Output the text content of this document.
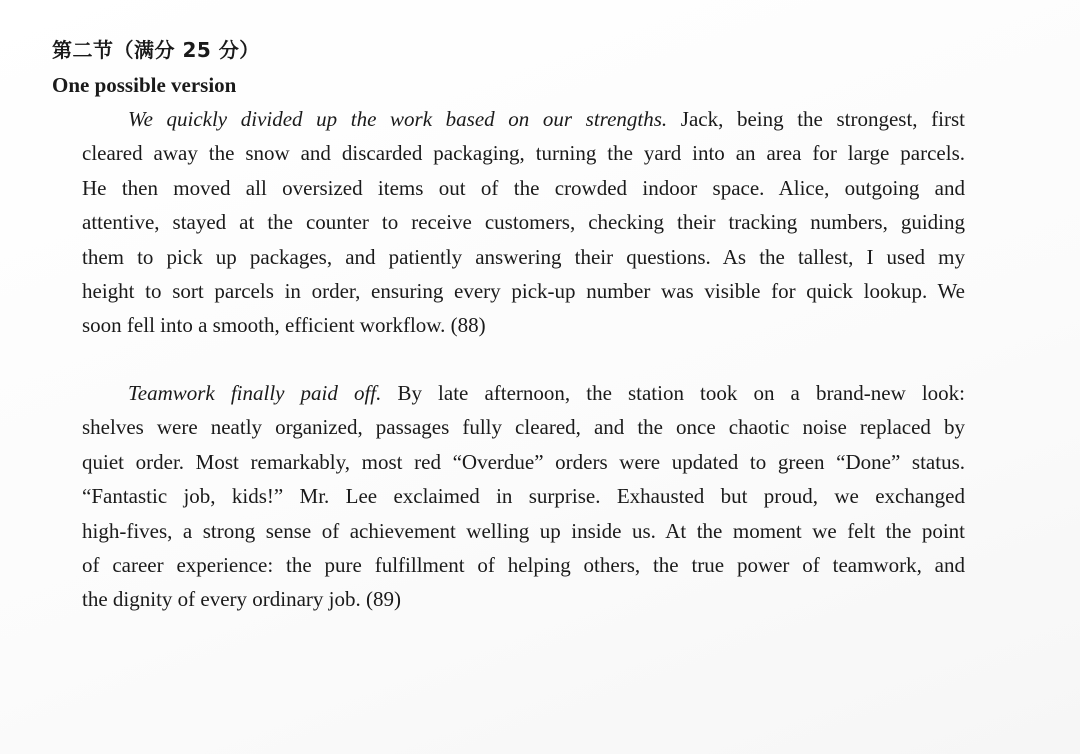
第二节（满分 25 分）
One possible version
We quickly divided up the work based on our strengths. Jack, being the strongest, first
cleared away the snow and discarded packaging, turning the yard into an area for large parcels.
He then moved all oversized items out of the crowded indoor space. Alice, outgoing and
attentive, stayed at the counter to receive customers, checking their tracking numbers, guiding
them to pick up packages, and patiently answering their questions. As the tallest, I used my
height to sort parcels in order, ensuring every pick-up number was visible for quick lookup. We
soon fell into a smooth, efficient workflow. (88)
Teamwork finally paid off. By late afternoon, the station took on a brand-new look:
shelves were neatly organized, passages fully cleared, and the once chaotic noise replaced by
quiet order. Most remarkably, most red “Overdue” orders were updated to green “Done” status.
“Fantastic job, kids!” Mr. Lee exclaimed in surprise. Exhausted but proud, we exchanged
high-fives, a strong sense of achievement welling up inside us. At the moment we felt the point
of career experience: the pure fulfillment of helping others, the true power of teamwork, and
the dignity of every ordinary job. (89)
